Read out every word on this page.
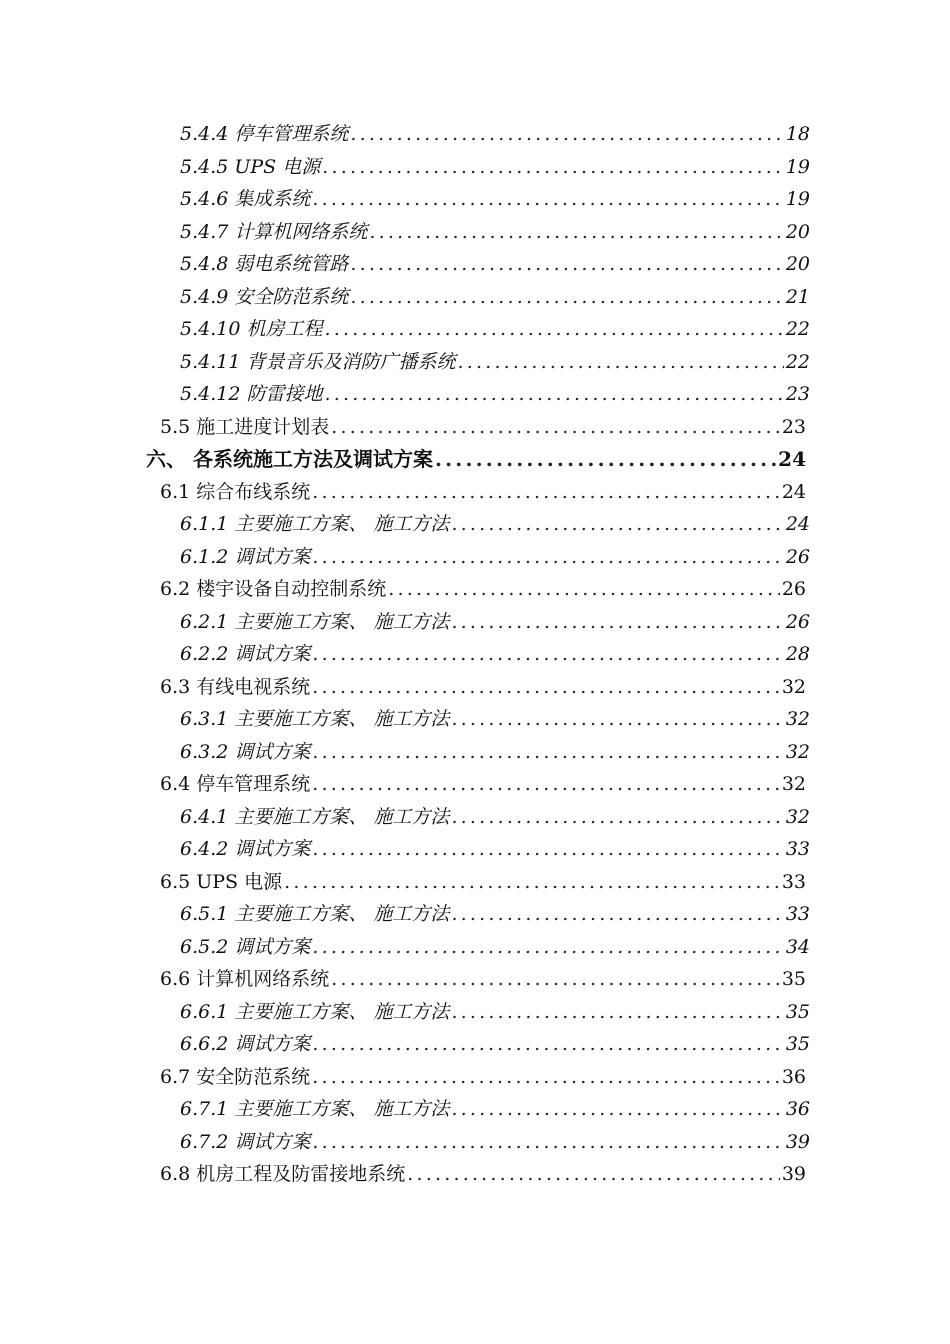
5.4.4 停车管理系统 .....	18
5.4.5 UPS 电源 .....	19
5.4.6 集成系统 .....	19
5.4.7 计算机网络系统 .....	20
5.4.8 弱电系统管路 .....	20
5.4.9 安全防范系统 .....	21
5.4.10 机房工程 .....	22
5.4.11 背景音乐及消防广播系统 .....	22
5.4.12 防雷接地 .....	23
5.5 施工进度计划表 .....	23
六、 各系统施工方法及调试方案 .....	24
6.1 综合布线系统 .....	24
6.1.1 主要施工方案、 施工方法 .....	24
6.1.2 调试方案 .....	26
6.2 楼宇设备自动控制系统 .....	26
6.2.1 主要施工方案、 施工方法 .....	26
6.2.2 调试方案 .....	28
6.3 有线电视系统 .....	32
6.3.1 主要施工方案、 施工方法 .....	32
6.3.2 调试方案 .....	32
6.4 停车管理系统 .....	32
6.4.1 主要施工方案、 施工方法 .....	32
6.4.2 调试方案 .....	33
6.5 UPS 电源 .....	33
6.5.1 主要施工方案、 施工方法 .....	33
6.5.2 调试方案 .....	34
6.6 计算机网络系统 .....	35
6.6.1 主要施工方案、 施工方法 .....	35
6.6.2 调试方案 .....	35
6.7 安全防范系统 .....	36
6.7.1 主要施工方案、 施工方法 .....	36
6.7.2 调试方案 .....	39
6.8 机房工程及防雷接地系统 .....	39
